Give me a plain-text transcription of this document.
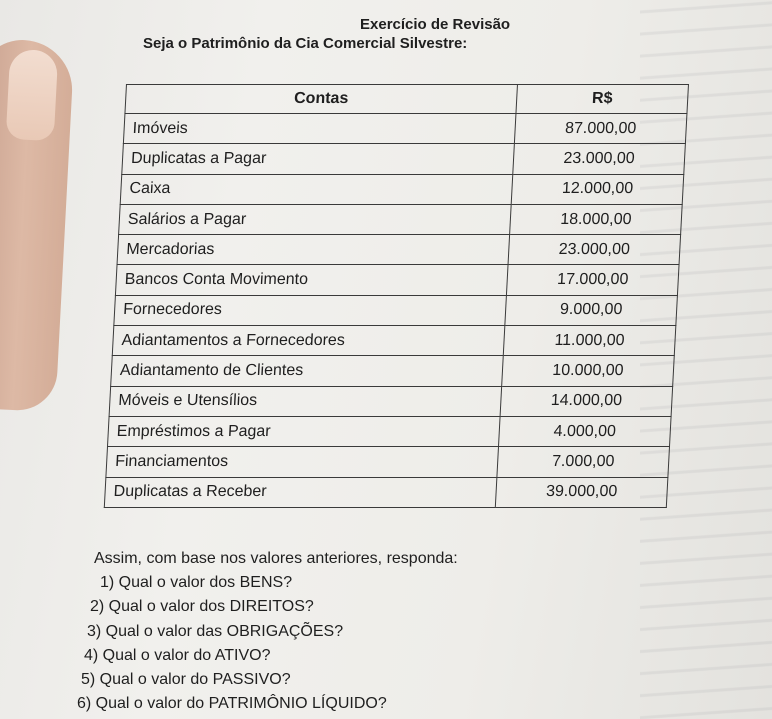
Exercício de Revisão
Seja o Patrimônio da Cia Comercial Silvestre:
Contas	R$
Imóveis	87.000,00
Duplicatas a Pagar	23.000,00
Caixa	12.000,00
Salários a Pagar	18.000,00
Mercadorias	23.000,00
Bancos Conta Movimento	17.000,00
Fornecedores	9.000,00
Adiantamentos a Fornecedores	11.000,00
Adiantamento de Clientes	10.000,00
Móveis e Utensílios	14.000,00
Empréstimos a Pagar	4.000,00
Financiamentos	7.000,00
Duplicatas a Receber	39.000,00
Assim, com base nos valores anteriores, responda:
1) Qual o valor dos BENS?
2) Qual o valor dos DIREITOS?
3) Qual o valor das OBRIGAÇÕES?
4) Qual o valor do ATIVO?
5) Qual o valor do PASSIVO?
6) Qual o valor do PATRIMÔNIO LÍQUIDO?
